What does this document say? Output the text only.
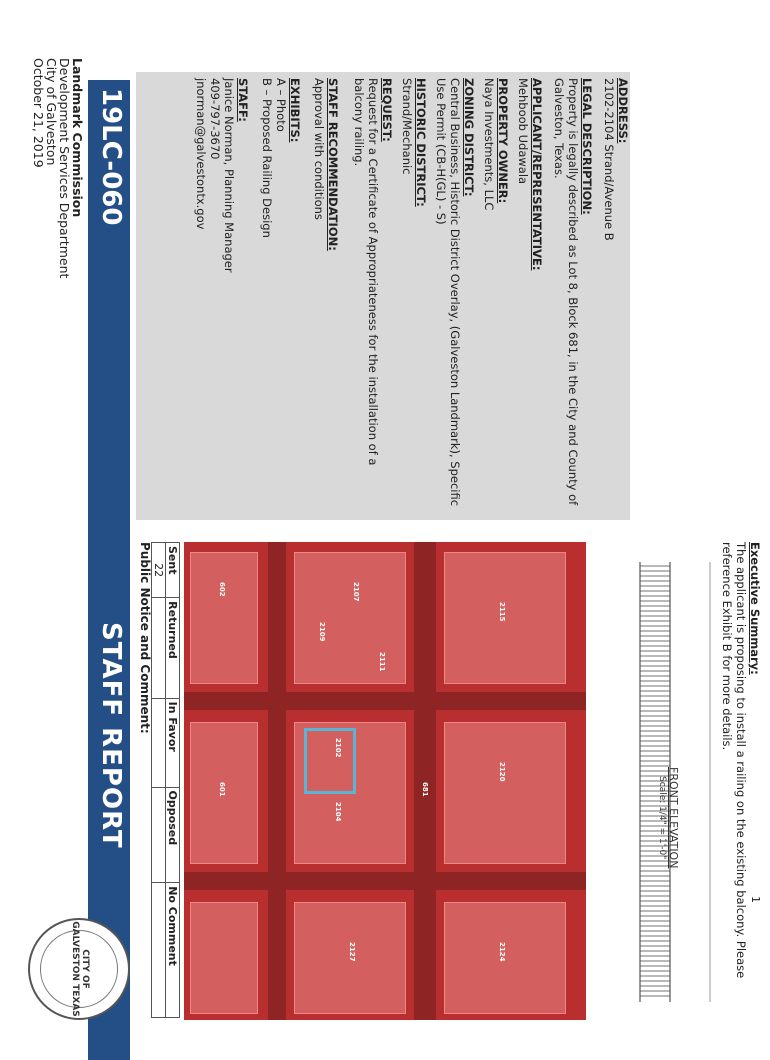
Landmark Commission
Development Services Department
City of Galveston
October 21, 2019 19LC-060
STAFF REPORT
CITY OF GALVESTON TEXAS
ADDRESS:
2102-2104 Strand/Avenue B
LEGAL DESCRIPTION:
Property is legally described as Lot 8, Block 681, in the City and County of Galveston, Texas.
APPLICANT/REPRESENTATIVE:
Mehboob Udawala
PROPERTY OWNER:
Naya Investments, LLC
ZONING DISTRICT:
Central Business, Historic District Overlay, (Galveston Landmark), Specific Use Permit (CB-H(GL) - S)
HISTORIC DISTRICT:
Strand/Mechanic
REQUEST:
Request for a Certificate of Appropriateness for the installation of a balcony railing.
Public Notice and Comment: Sent	Returned	In Favor	Opposed	No Comment
22				
2102
2104
2107
2109
2111
2115
2120
2124
2127
601	681
602
FRONT ELEVATION
Scale: 1/4" = 1'-0"
Executive Summary:
The applicant is proposing to install a railing on the existing balcony. Please reference Exhibit B for more details.
STAFF RECOMMENDATION:
Approval with conditions
EXHIBITS:
A – Photo
B – Proposed Railing Design
STAFF:
Janice Norman, Planning Manager
409-797-3670
jnorman@galvestontx.gov
1
